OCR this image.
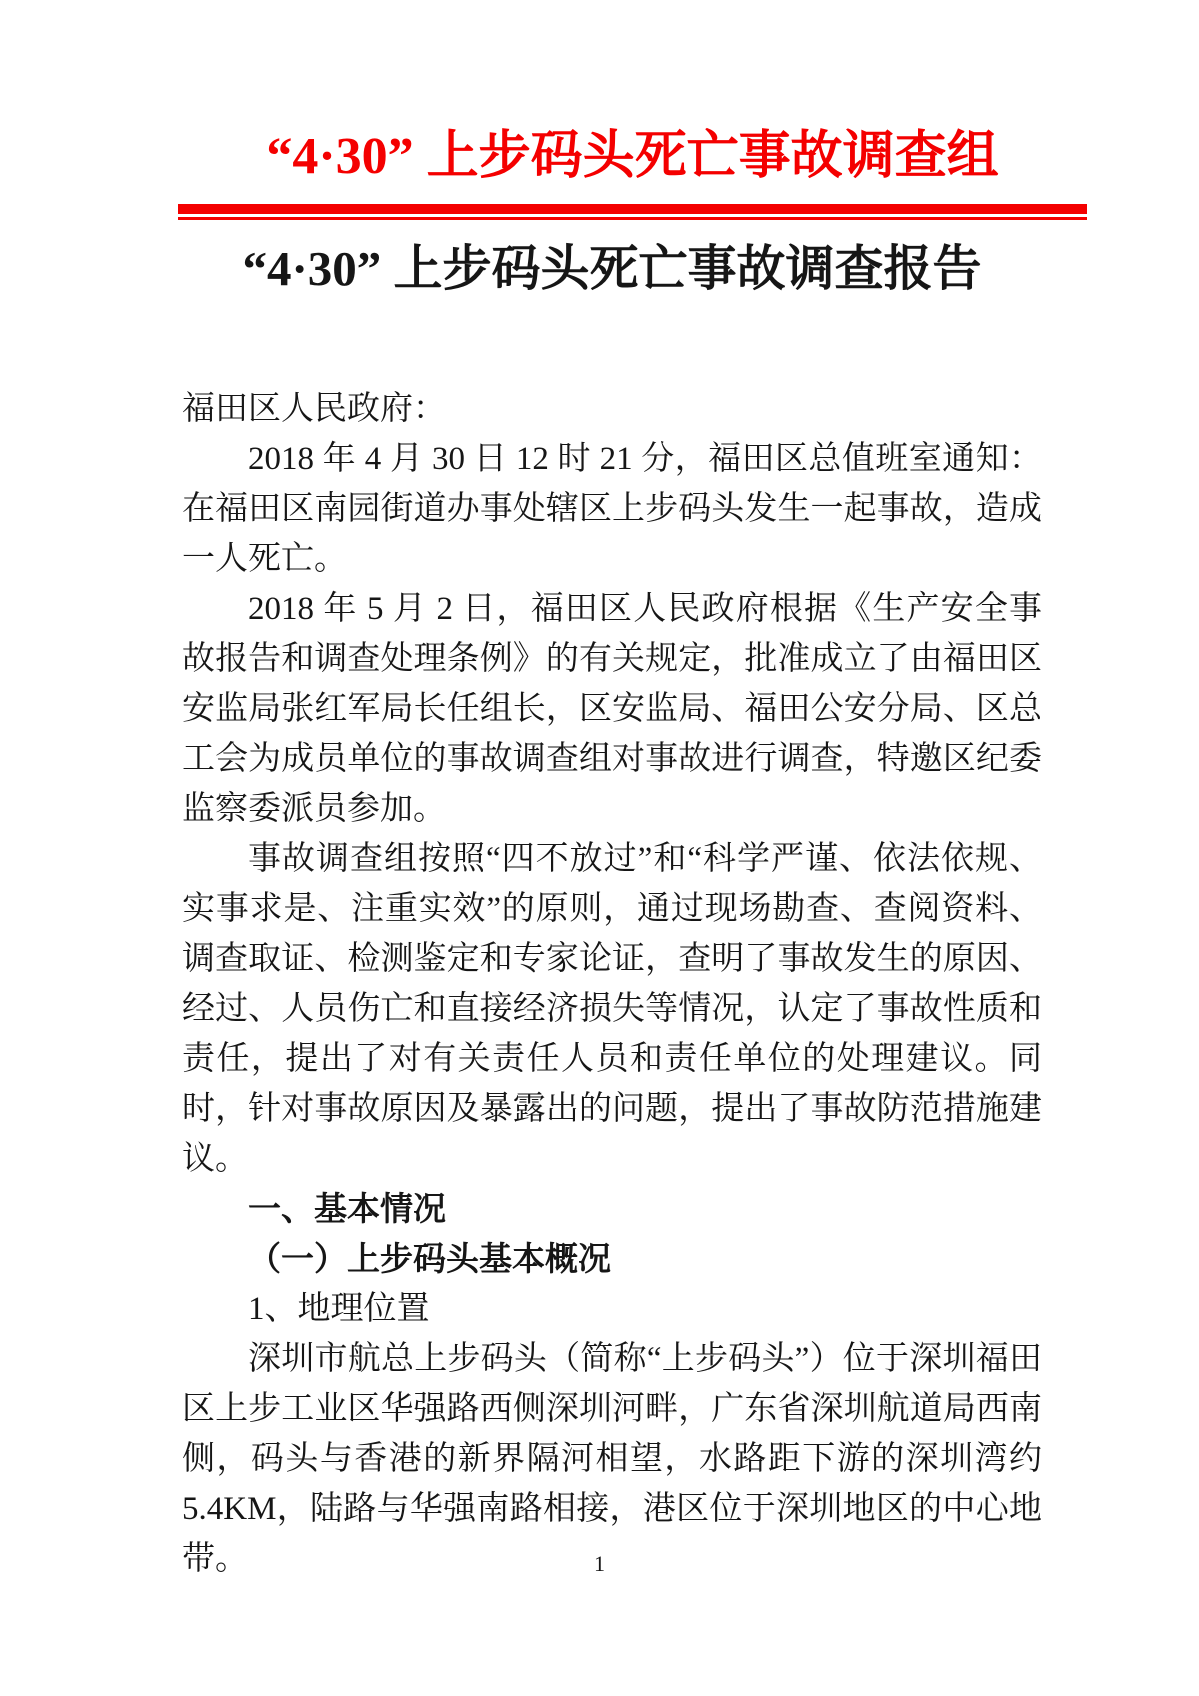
“4·30” 上步码头死亡事故调查组
“4·30” 上步码头死亡事故调查报告

福田区人民政府：

2018 年 4 月 30 日 12 时 21 分，福田区总值班室通知：在福田区南园街道办事处辖区上步码头发生一起事故，造成一人死亡。

2018 年 5 月 2 日，福田区人民政府根据《生产安全事故报告和调查处理条例》的有关规定，批准成立了由福田区安监局张红军局长任组长，区安监局、福田公安分局、区总工会为成员单位的事故调查组对事故进行调查，特邀区纪委监察委派员参加。

事故调查组按照“四不放过”和“科学严谨、依法依规、实事求是、注重实效”的原则，通过现场勘查、查阅资料、调查取证、检测鉴定和专家论证，查明了事故发生的原因、经过、人员伤亡和直接经济损失等情况，认定了事故性质和责任，提出了对有关责任人员和责任单位的处理建议。同时，针对事故原因及暴露出的问题，提出了事故防范措施建议。

一、基本情况
（一）上步码头基本概况

1、地理位置

深圳市航总上步码头（简称“上步码头”）位于深圳福田区上步工业区华强路西侧深圳河畔，广东省深圳航道局西南侧，码头与香港的新界隔河相望，水路距下游的深圳湾约 5.4KM，陆路与华强南路相接，港区位于深圳地区的中心地带。	1
